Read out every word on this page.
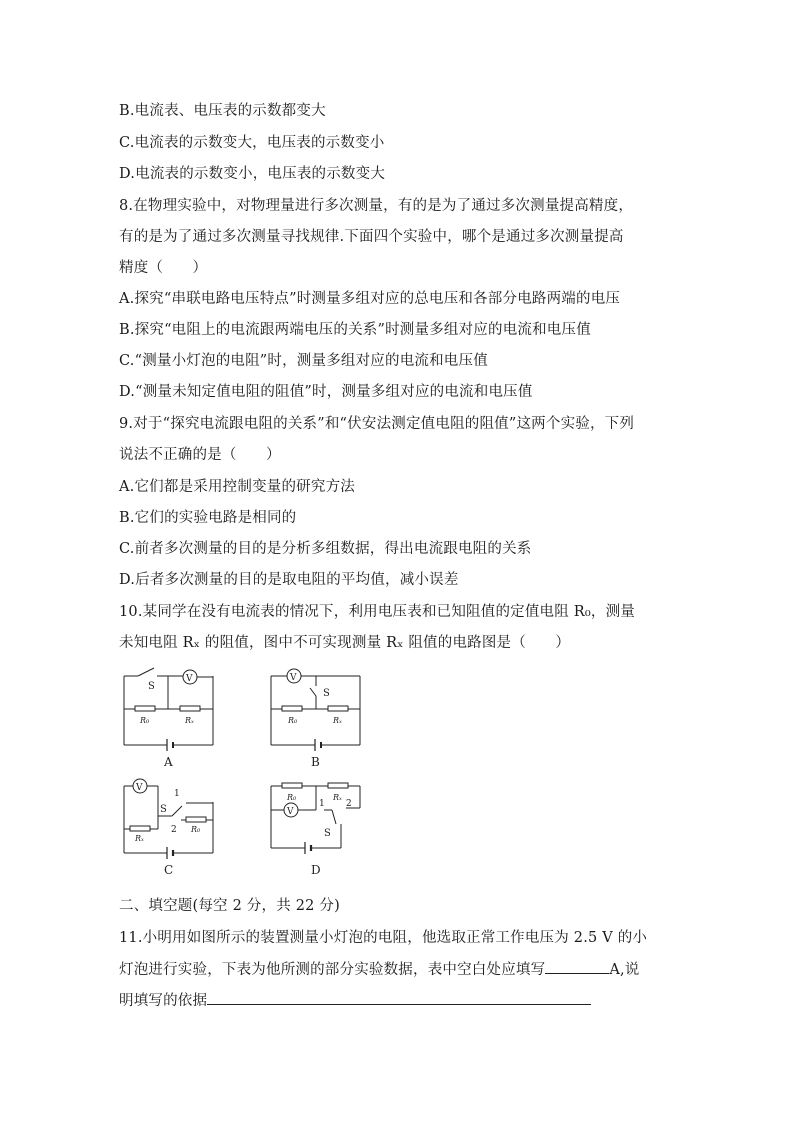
B.电流表、电压表的示数都变大
C.电流表的示数变大，电压表的示数变小
D.电流表的示数变小，电压表的示数变大
8.在物理实验中，对物理量进行多次测量，有的是为了通过多次测量提高精度，
有的是为了通过多次测量寻找规律.下面四个实验中，哪个是通过多次测量提高
精度（　　）
A.探究“串联电路电压特点”时测量多组对应的总电压和各部分电路两端的电压
B.探究“电阻上的电流跟两端电压的关系”时测量多组对应的电流和电压值
C.“测量小灯泡的电阻”时，测量多组对应的电流和电压值
D.“测量未知定值电阻的阻值”时，测量多组对应的电流和电压值
9.对于“探究电流跟电阻的关系”和“伏安法测定值电阻的阻值”这两个实验，下列
说法不正确的是（　　）
A.它们都是采用控制变量的研究方法
B.它们的实验电路是相同的
C.前者多次测量的目的是分析多组数据，得出电流跟电阻的关系
D.后者多次测量的目的是取电阻的平均值，减小误差
10.某同学在没有电流表的情况下，利用电压表和已知阻值的定值电阻 R₀，测量
未知电阻 Rₓ 的阻值，图中不可实现测量 Rₓ 阻值的电路图是（　　）
S
V
R₀	Rₓ
A
V
S
R₀	Rₓ
B
V
1
S
2
Rₓ
R₀
C
R₀	Rₓ
V
1 2
S
D
二、填空题(每空 2 分，共 22 分)
11.小明用如图所示的装置测量小灯泡的电阻，他选取正常工作电压为 2.5 V 的小
灯泡进行实验，下表为他所测的部分实验数据，表中空白处应填写	A,说
明填写的依据
